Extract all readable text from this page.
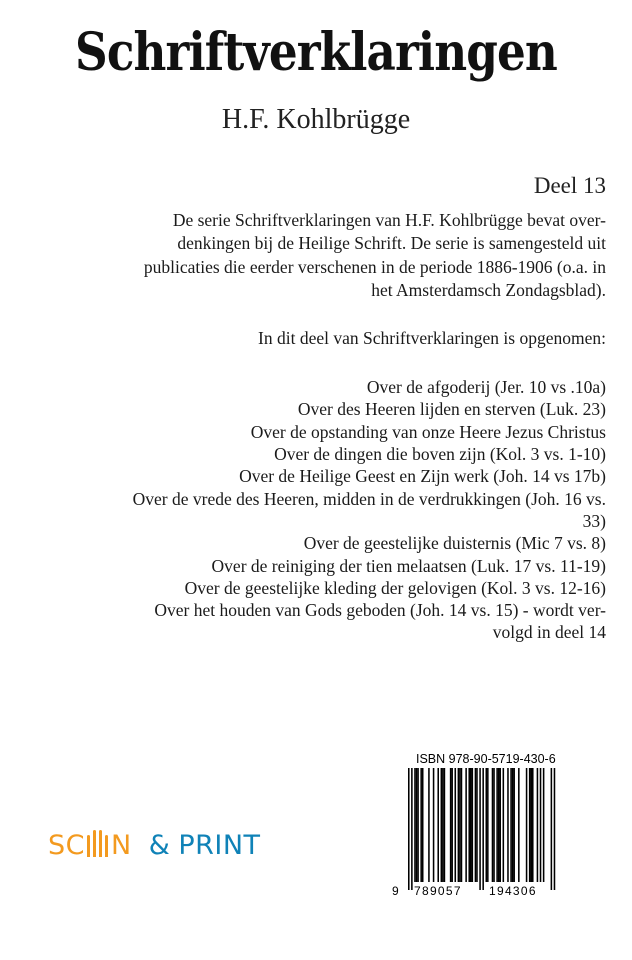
Schriftverklaringen
H.F. Kohlbrügge
Deel 13

De serie Schriftverklaringen van H.F. Kohlbrügge bevat over-
denkingen bij de Heilige Schrift. De serie is samengesteld uit
publicaties die eerder verschenen in de periode 1886-1906 (o.a. in
het Amsterdamsch Zondagsblad).

In dit deel van Schriftverklaringen is opgenomen:
Over de afgoderij (Jer. 10 vs .10a)
Over des Heeren lijden en sterven (Luk. 23)
Over de opstanding van onze Heere Jezus Christus
Over de dingen die boven zijn (Kol. 3 vs. 1-10)
Over de Heilige Geest en Zijn werk (Joh. 14 vs 17b)
Over de vrede des Heeren, midden in de verdrukkingen (Joh. 16 vs.
33)
Over de geestelijke duisternis (Mic 7 vs. 8)
Over de reiniging der tien melaatsen (Luk. 17 vs. 11-19)
Over de geestelijke kleding der gelovigen (Kol. 3 vs. 12-16)
Over het houden van Gods geboden (Joh. 14 vs. 15) - wordt ver-
volgd in deel 14
SC N & PRINT
ISBN 978-90-5719-430-6
9 789057 194306
